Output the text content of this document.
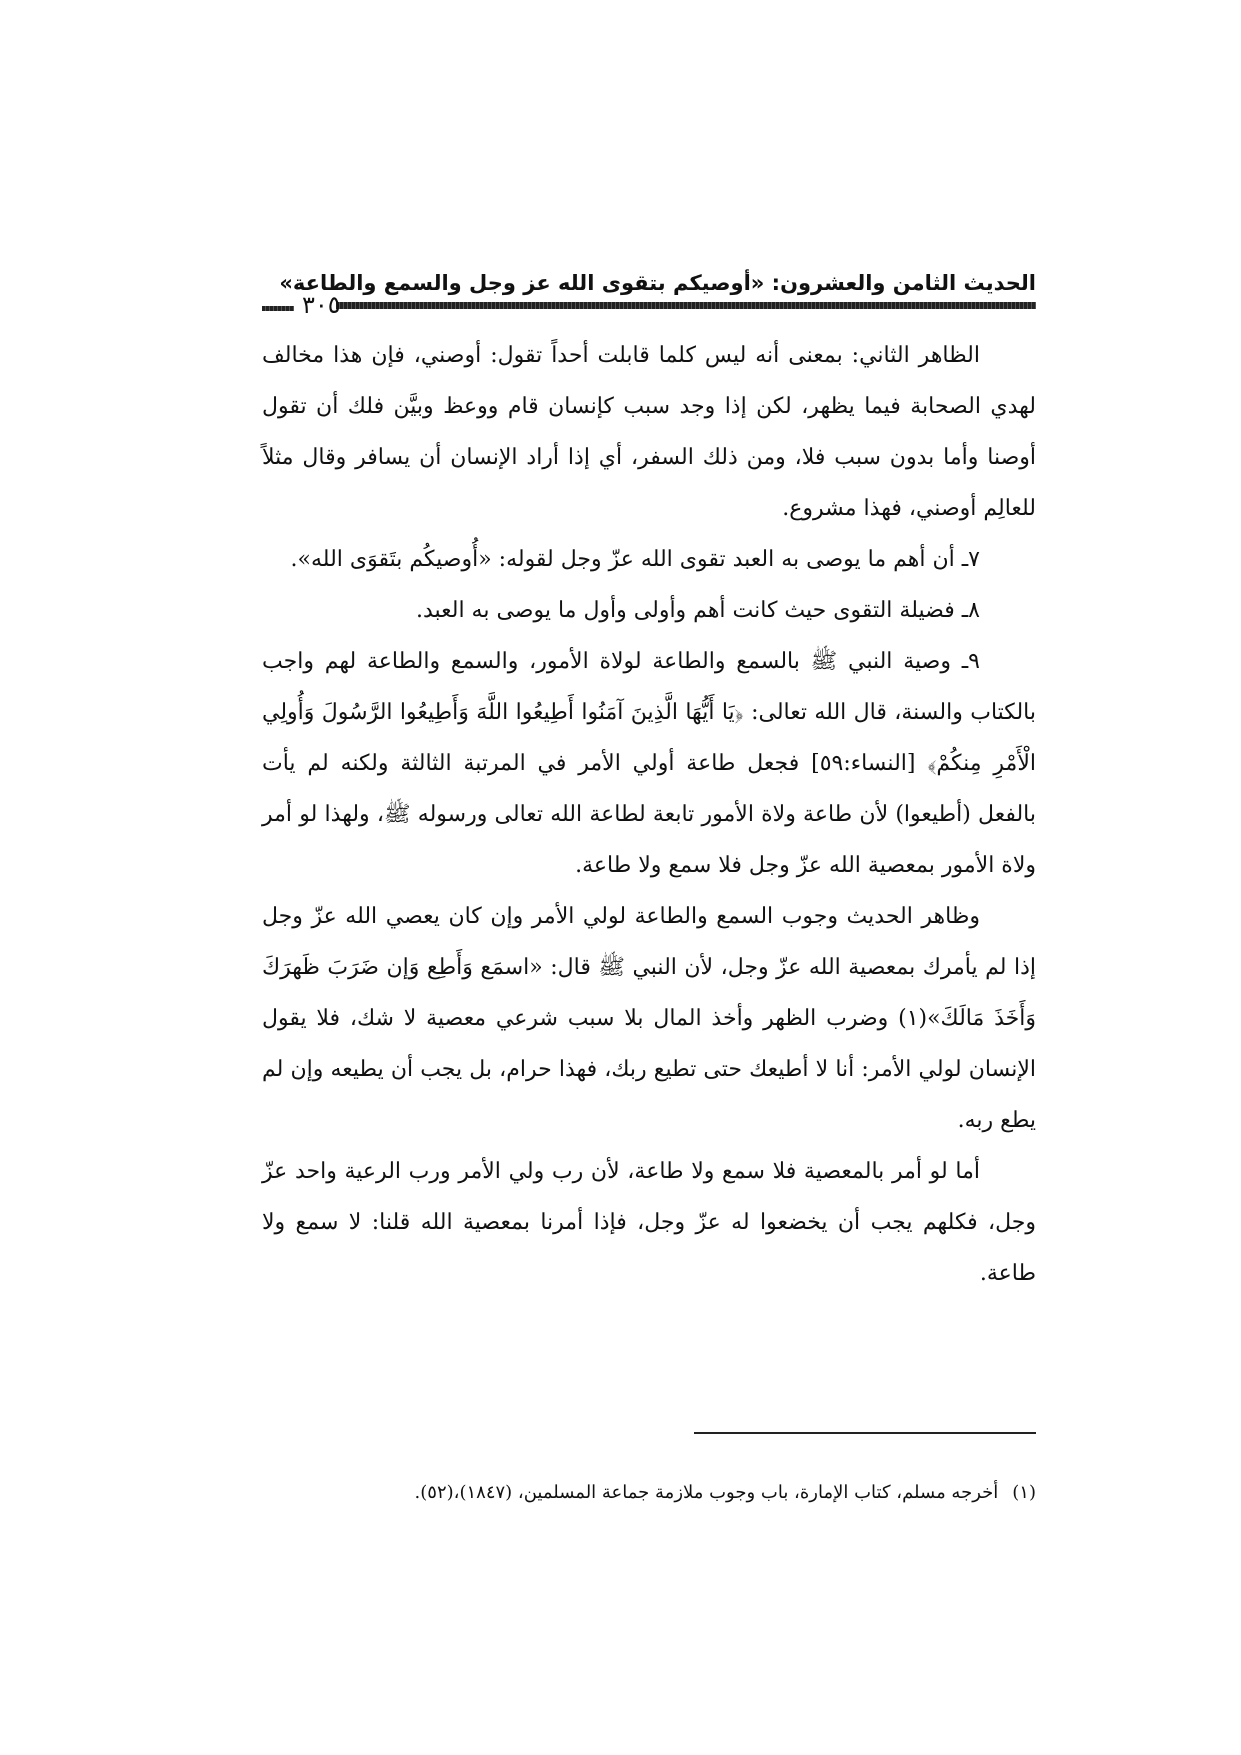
الحديث الثامن والعشرون: «أوصيكم بتقوى الله عز وجل والسمع والطاعة»
٣٠٥

الظاهر الثاني: بمعنى أنه ليس كلما قابلت أحداً تقول: أوصني، فإن هذا مخالف لهدي الصحابة فيما يظهر، لكن إذا وجد سبب كإنسان قام ووعظ وبيَّن فلك أن تقول أوصنا وأما بدون سبب فلا، ومن ذلك السفر، أي إذا أراد الإنسان أن يسافر وقال مثلاً للعالِم أوصني، فهذا مشروع.

٧ـ أن أهم ما يوصى به العبد تقوى الله عزّ وجل لقوله: «أُوصيكُم بتَقوَى الله».

٨ـ فضيلة التقوى حيث كانت أهم وأولى وأول ما يوصى به العبد.

٩ـ وصية النبي ﷺ بالسمع والطاعة لولاة الأمور، والسمع والطاعة لهم واجب بالكتاب والسنة، قال الله تعالى: ﴿يَا أَيُّهَا الَّذِينَ آمَنُوا أَطِيعُوا اللَّهَ وَأَطِيعُوا الرَّسُولَ وَأُولِي الْأَمْرِ مِنكُمْ﴾ [النساء:٥٩] فجعل طاعة أولي الأمر في المرتبة الثالثة ولكنه لم يأت بالفعل (أطيعوا) لأن طاعة ولاة الأمور تابعة لطاعة الله تعالى ورسوله ﷺ، ولهذا لو أمر ولاة الأمور بمعصية الله عزّ وجل فلا سمع ولا طاعة.

وظاهر الحديث وجوب السمع والطاعة لولي الأمر وإن كان يعصي الله عزّ وجل إذا لم يأمرك بمعصية الله عزّ وجل، لأن النبي ﷺ قال: «اسمَع وَأَطِع وَإن ضَرَبَ ظَهرَكَ وَأَخَذَ مَالَكَ»(١) وضرب الظهر وأخذ المال بلا سبب شرعي معصية لا شك، فلا يقول الإنسان لولي الأمر: أنا لا أطيعك حتى تطيع ربك، فهذا حرام، بل يجب أن يطيعه وإن لم يطع ربه.

أما لو أمر بالمعصية فلا سمع ولا طاعة، لأن رب ولي الأمر ورب الرعية واحد عزّ وجل، فكلهم يجب أن يخضعوا له عزّ وجل، فإذا أمرنا بمعصية الله قلنا: لا سمع ولا طاعة.

(١)أخرجه مسلم، كتاب الإمارة، باب وجوب ملازمة جماعة المسلمين، (١٨٤٧)،(٥٢).
